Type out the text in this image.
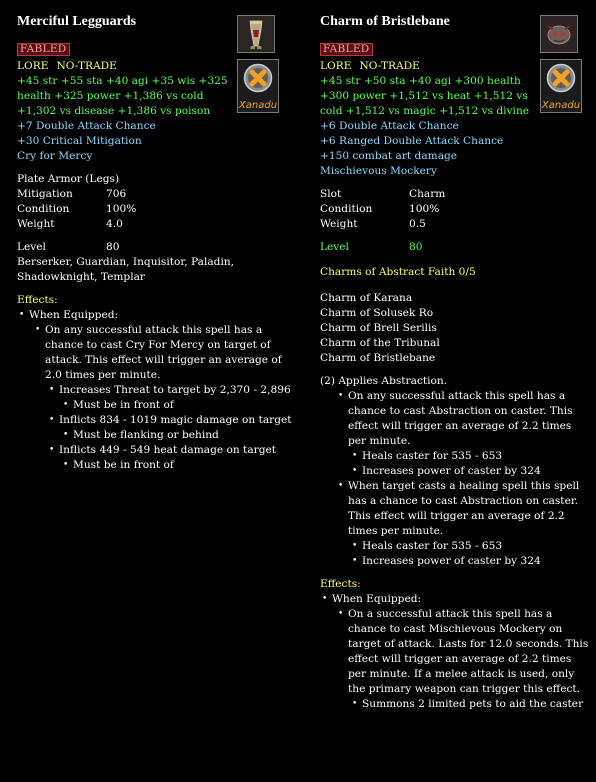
Merciful Legguards
FABLED
LORE NO-TRADE
+45 str +55 sta +40 agi +35 wis +325 health +325 power +1,386 vs cold +1,302 vs disease +1,386 vs poison
+7 Double Attack Chance
+30 Critical Mitigation
Cry for Mercy
Plate Armor (Legs)
Mitigation	706
Condition	100%
Weight	4.0
Level	80
Berserker, Guardian, Inquisitor, Paladin, Shadowknight, Templar
Effects:
• When Equipped:
• On any successful attack this spell has a chance to cast Cry For Mercy on target of attack. This effect will trigger an average of 2.0 times per minute.
• Increases Threat to target by 2,370 - 2,896
• Must be in front of
• Inflicts 834 - 1019 magic damage on target
• Must be flanking or behind
• Inflicts 449 - 549 heat damage on target
• Must be in front of
Xanadu
Charm of Bristlebane
FABLED
LORE NO-TRADE
+45 str +50 sta +40 agi +300 health +300 power +1,512 vs heat +1,512 vs cold +1,512 vs magic +1,512 vs divine
+6 Double Attack Chance
+6 Ranged Double Attack Chance
+150 combat art damage
Mischievous Mockery
Slot	Charm
Condition	100%
Weight	0.5
Level	80
Charms of Abstract Faith 0/5
Charm of Karana
Charm of Solusek Ro
Charm of Brell Serilis
Charm of the Tribunal
Charm of Bristlebane
(2) Applies Abstraction.
• On any successful attack this spell has a chance to cast Abstraction on caster. This effect will trigger an average of 2.2 times per minute.
• Heals caster for 535 - 653
• Increases power of caster by 324
• When target casts a healing spell this spell has a chance to cast Abstraction on caster. This effect will trigger an average of 2.2 times per minute.
• Heals caster for 535 - 653
• Increases power of caster by 324
Effects:
• When Equipped:
• On a successful attack this spell has a chance to cast Mischievous Mockery on target of attack. Lasts for 12.0 seconds. This effect will trigger an average of 2.2 times per minute. If a melee attack is used, only the primary weapon can trigger this effect.
• Summons 2 limited pets to aid the caster
Xanadu
